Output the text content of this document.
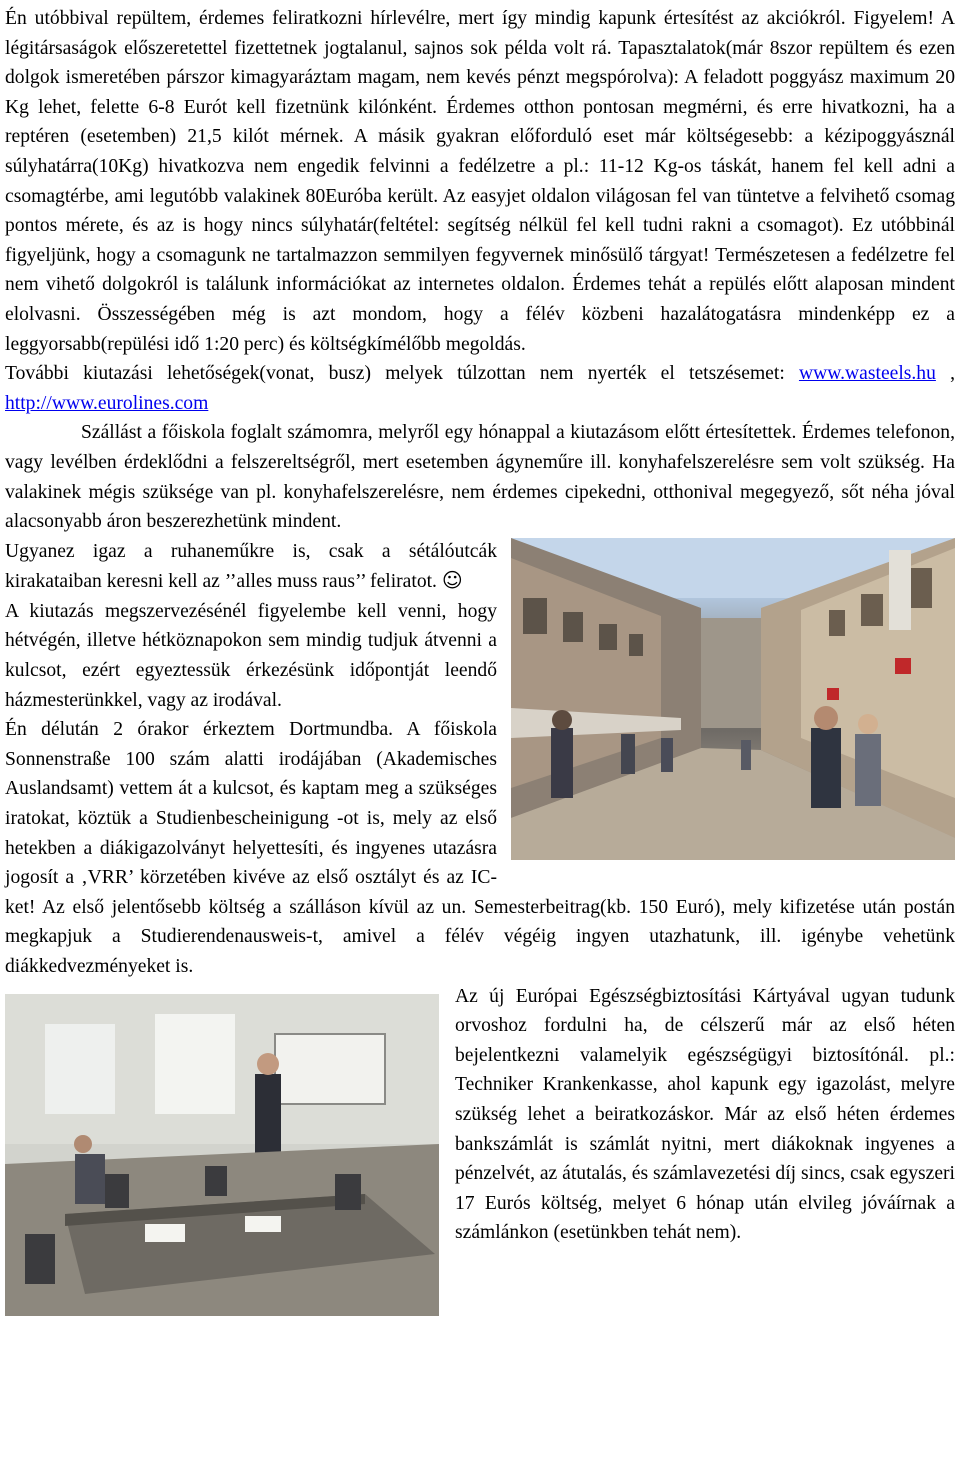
Én utóbbival repültem, érdemes feliratkozni hírlevélre, mert így mindig kapunk értesítést az akciókról. Figyelem! A légitársaságok előszeretettel fizettetnek jogtalanul, sajnos sok példa volt rá. Tapasztalatok(már 8szor repültem és ezen dolgok ismeretében párszor kimagyaráztam magam, nem kevés pénzt megspórolva): A feladott poggyász maximum 20 Kg lehet, felette 6-8 Eurót kell fizetnünk kilónként. Érdemes otthon pontosan megmérni, és erre hivatkozni, ha a reptéren (esetemben) 21,5 kilót mérnek. A másik gyakran előforduló eset már költségesebb: a kézipoggyásznál súlyhatárra(10Kg) hivatkozva nem engedik felvinni a fedélzetre a pl.: 11-12 Kg-os táskát, hanem fel kell adni a csomagtérbe, ami legutóbb valakinek 80Euróba került. Az easyjet oldalon világosan fel van tüntetve a felvihető csomag pontos mérete, és az is hogy nincs súlyhatár(feltétel: segítség nélkül fel kell tudni rakni a csomagot). Ez utóbbinál figyeljünk, hogy a csomagunk ne tartalmazzon semmilyen fegyvernek minősülő tárgyat! Természetesen a fedélzetre fel nem vihető dolgokról is találunk információkat az internetes oldalon. Érdemes tehát a repülés előtt alaposan mindent elolvasni. Összességében még is azt mondom, hogy a félév közbeni hazalátogatásra mindenképp ez a leggyorsabb(repülési idő 1:20 perc) és költségkímélőbb megoldás.

További kiutazási lehetőségek(vonat, busz) melyek túlzottan nem nyerték el tetszésemet: www.wasteels.hu , http://www.eurolines.com

Szállást a főiskola foglalt számomra, melyről egy hónappal a kiutazásom előtt értesítettek. Érdemes telefonon, vagy levélben érdeklődni a felszereltségről, mert esetemben ágyneműre ill. konyhafelszerelésre sem volt szükség. Ha valakinek mégis szüksége van pl. konyhafelszerelésre, nem érdemes cipekedni, otthonival megegyező, sőt néha jóval alacsonyabb áron beszerezhetünk mindent.

Ugyanez igaz a ruhaneműkre is, csak a sétálóutcák kirakataiban keresni kell az ’’alles muss raus’’ feliratot. ☺

A kiutazás megszervezésénél figyelembe kell venni, hogy hétvégén, illetve hétköznapokon sem mindig tudjuk átvenni a kulcsot, ezért egyeztessük érkezésünk időpontját leendő házmesterünkkel, vagy az irodával.

Én délután 2 órakor érkeztem Dortmundba. A főiskola Sonnenstraße 100 szám alatti irodájában (Akademisches Auslandsamt) vettem át a kulcsot, és kaptam meg a szükséges iratokat, köztük a Studienbescheinigung -ot is, mely az első hetekben a diákigazolványt helyettesíti, és ingyenes utazásra jogosít a ‚VRR’ körzetében kivéve az első osztályt és az IC-ket! Az első jelentősebb költség a szálláson kívül az un. Semesterbeitrag(kb. 150 Euró), mely kifizetése után postán megkapjuk a Studierendenausweis-t, amivel a félév végéig ingyen utazhatunk, ill. igénybe vehetünk diákkedvezményeket is.

Az új Európai Egészségbiztosítási Kártyával ugyan tudunk orvoshoz fordulni ha, de célszerű már az első héten bejelentkezni valamelyik egészségügyi biztosítónál. pl.: Techniker Krankenkasse, ahol kapunk egy igazolást, melyre szükség lehet a beiratkozáskor. Már az első héten érdemes bankszámlát is számlát nyitni, mert diákoknak ingyenes a pénzelvét, az átutalás, és számlavezetési díj sincs, csak egyszeri 17 Eurós költség, melyet 6 hónap után elvileg jóváírnak a számlánkon (esetünkben tehát nem).
